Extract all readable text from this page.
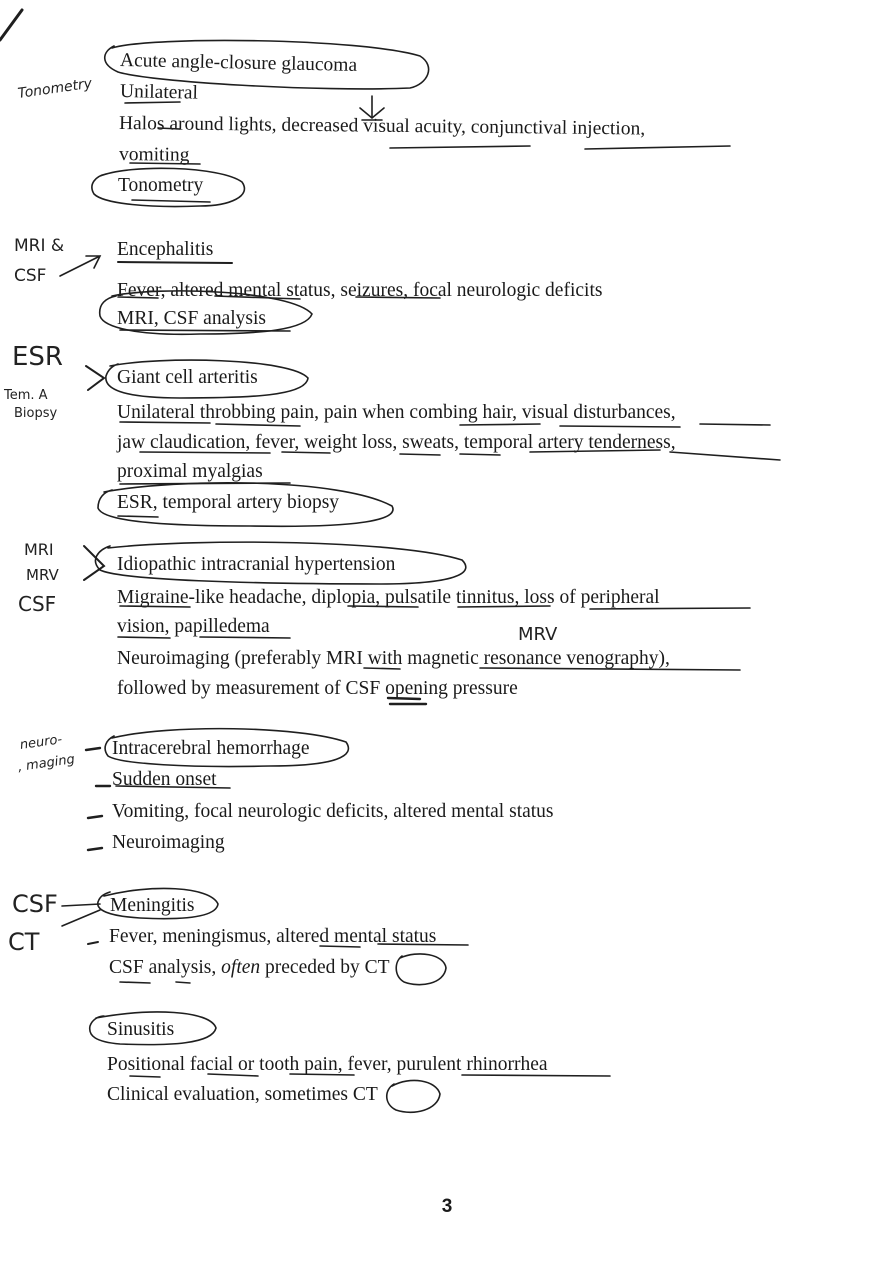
Acute angle-closure glaucoma
Unilateral
Halos around lights, decreased visual acuity, conjunctival injection,
vomiting
Tonometry
Encephalitis
Fever, altered mental status, seizures, focal neurologic deficits
MRI, CSF analysis
Giant cell arteritis
Unilateral throbbing pain, pain when combing hair, visual disturbances,
jaw claudication, fever, weight loss, sweats, temporal artery tenderness,
proximal myalgias
ESR, temporal artery biopsy
Idiopathic intracranial hypertension
Migraine-like headache, diplopia, pulsatile tinnitus, loss of peripheral
vision, papilledema
Neuroimaging (preferably MRI with magnetic resonance venography),
followed by measurement of CSF opening pressure
Intracerebral hemorrhage
Sudden onset
Vomiting, focal neurologic deficits, altered mental status
Neuroimaging
Meningitis
Fever, meningismus, altered mental status
CSF analysis, often preceded by CT
Sinusitis
Positional facial or tooth pain, fever, purulent rhinorrhea
Clinical evaluation, sometimes CT
3
Tonometry
MRI &
CSF
ESR
Tem. A
Biopsy
MRI
MRV
CSF
MRV
neuro-
, maging
CSF
CT
